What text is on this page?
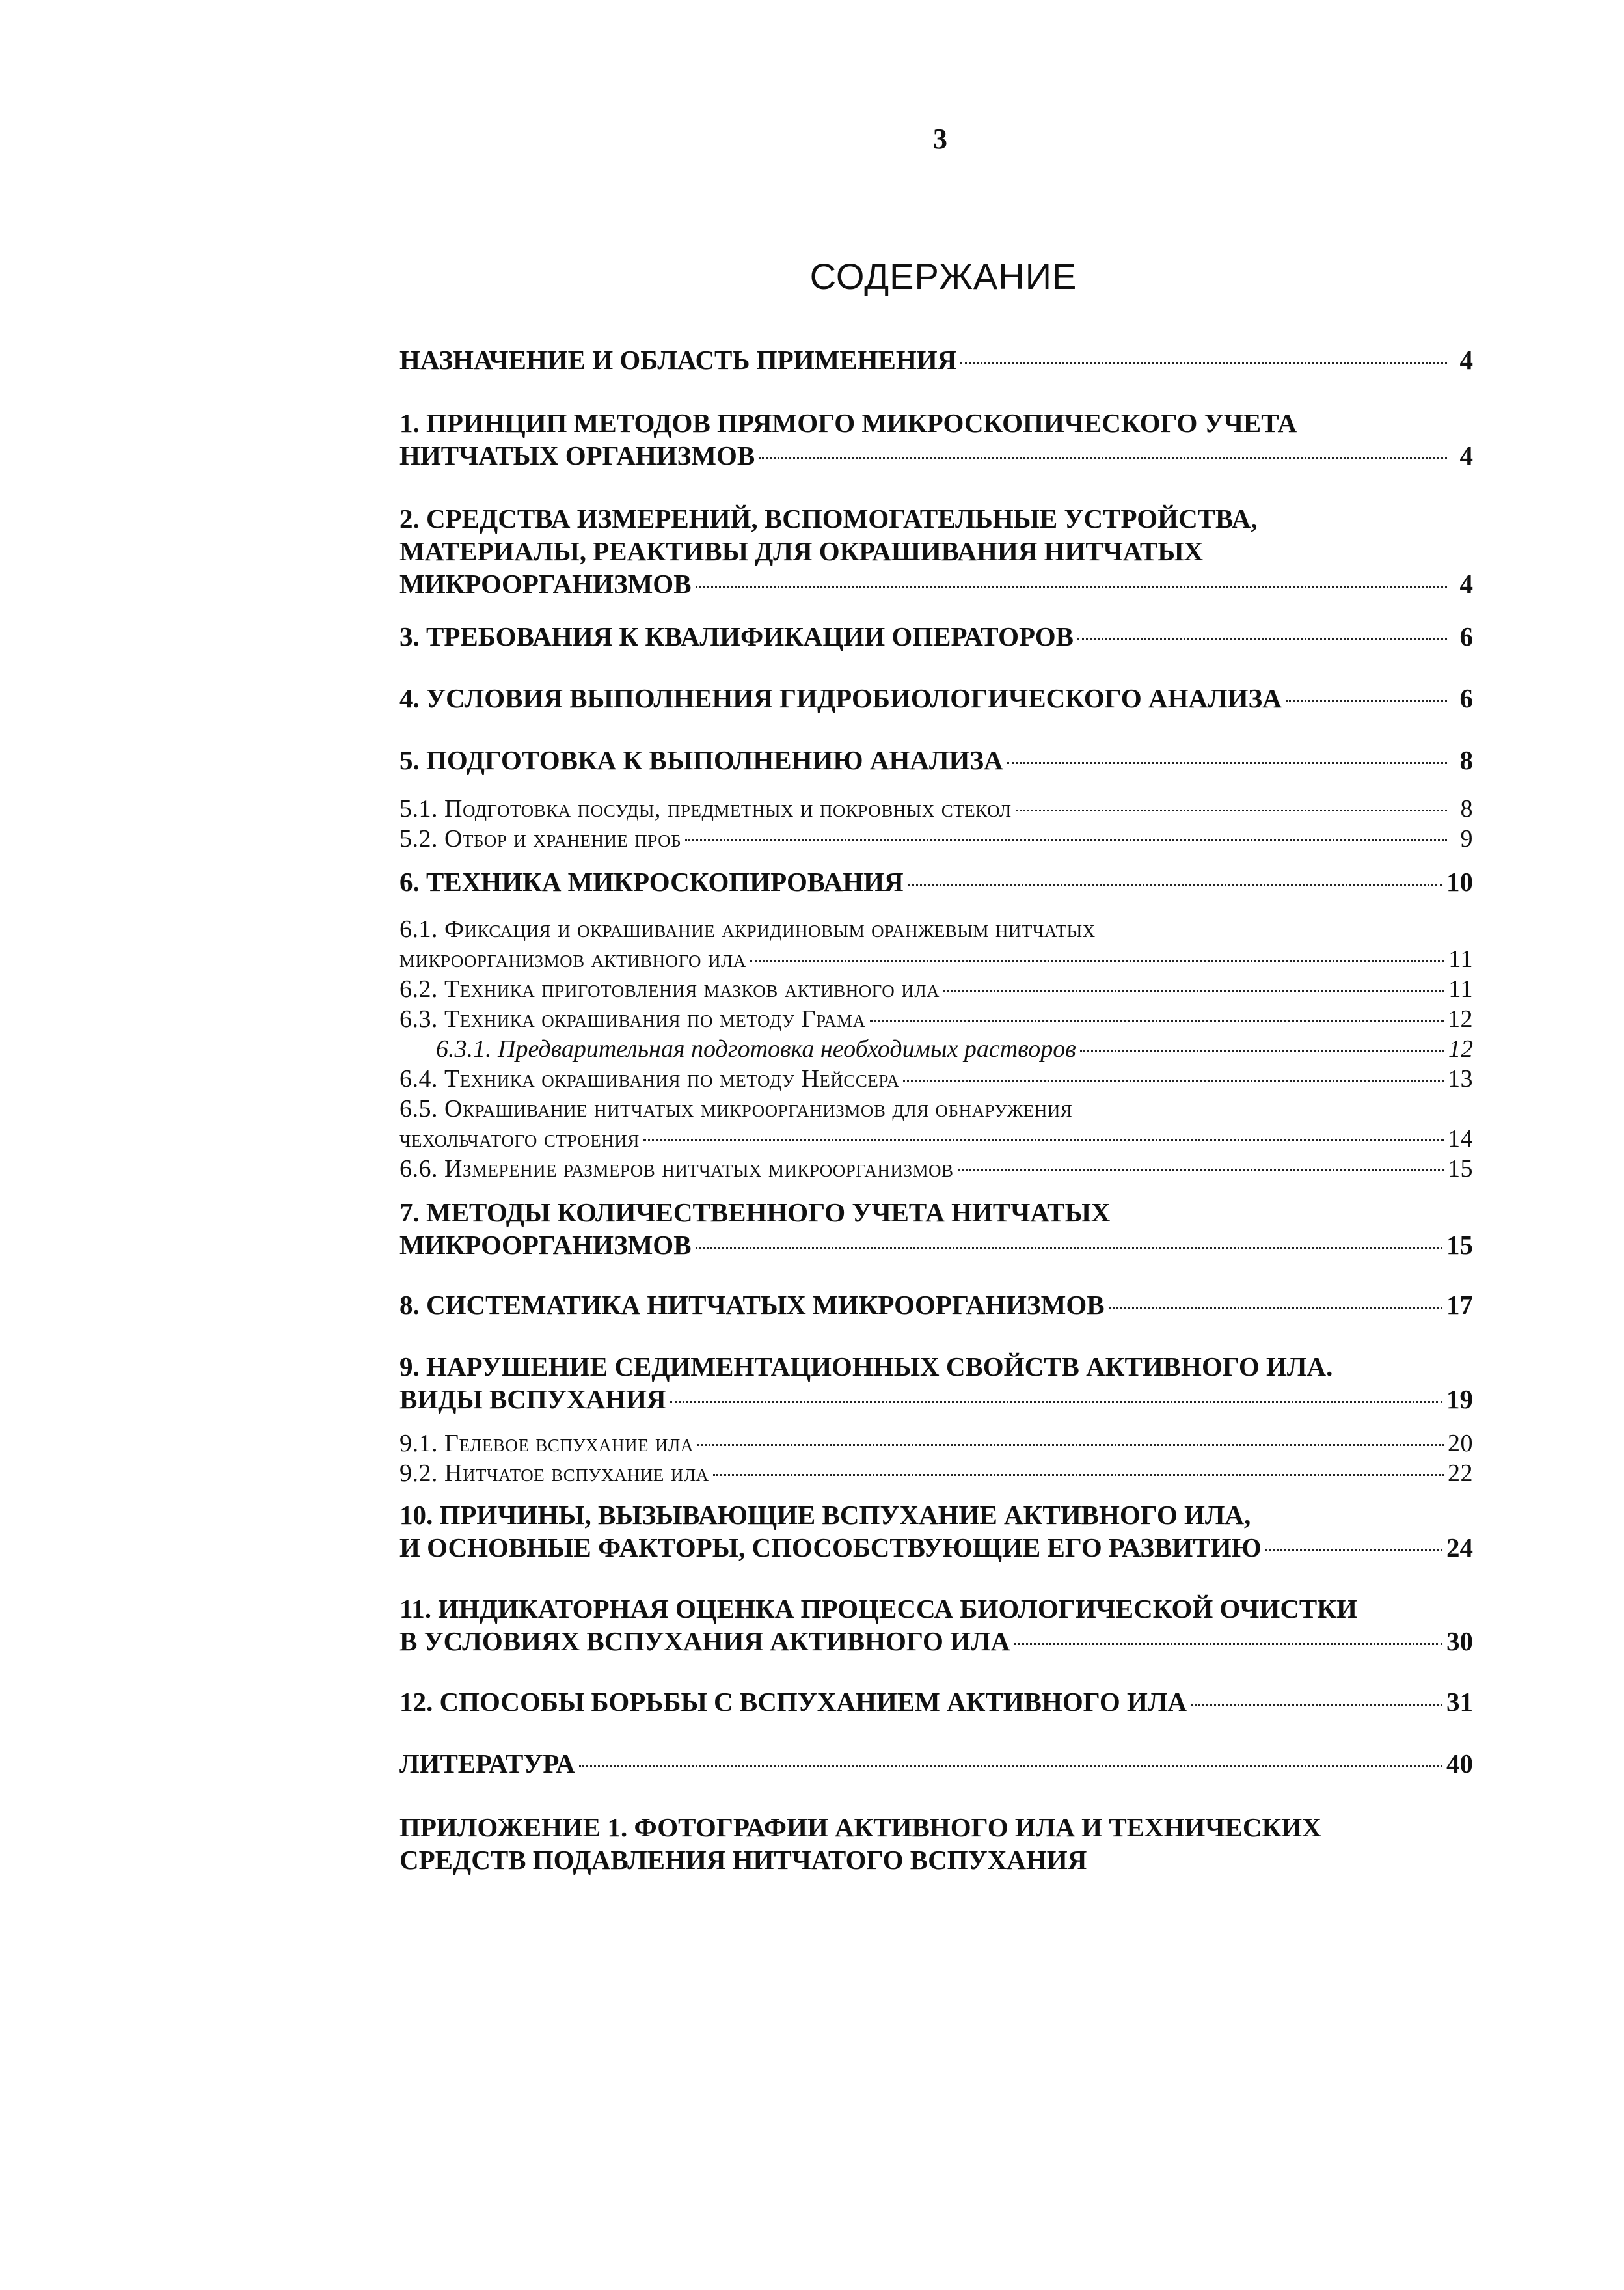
3
СОДЕРЖАНИЕ
НАЗНАЧЕНИЕ И ОБЛАСТЬ ПРИМЕНЕНИЯ	4
1. ПРИНЦИП МЕТОДОВ ПРЯМОГО МИКРОСКОПИЧЕСКОГО УЧЕТА
НИТЧАТЫХ ОРГАНИЗМОВ	4
2. СРЕДСТВА ИЗМЕРЕНИЙ, ВСПОМОГАТЕЛЬНЫЕ УСТРОЙСТВА,
МАТЕРИАЛЫ, РЕАКТИВЫ ДЛЯ ОКРАШИВАНИЯ НИТЧАТЫХ
МИКРООРГАНИЗМОВ	4
3. ТРЕБОВАНИЯ К КВАЛИФИКАЦИИ ОПЕРАТОРОВ	6
4. УСЛОВИЯ ВЫПОЛНЕНИЯ ГИДРОБИОЛОГИЧЕСКОГО АНАЛИЗА	6
5. ПОДГОТОВКА К ВЫПОЛНЕНИЮ АНАЛИЗА	8
5.1. Подготовка посуды, предметных и покровных стекол	8
5.2. Отбор и хранение проб	9
6. ТЕХНИКА МИКРОСКОПИРОВАНИЯ	10
6.1. Фиксация и окрашивание акридиновым оранжевым нитчатых
микроорганизмов активного ила	11
6.2. Техника приготовления мазков активного ила	11
6.3. Техника окрашивания по методу Грама	12
6.3.1. Предварительная подготовка необходимых растворов	12
6.4. Техника окрашивания по методу Нейссера	13
6.5. Окрашивание нитчатых микроорганизмов для обнаружения
чехольчатого строения	14
6.6. Измерение размеров нитчатых микроорганизмов	15
7. МЕТОДЫ КОЛИЧЕСТВЕННОГО УЧЕТА НИТЧАТЫХ
МИКРООРГАНИЗМОВ	15
8. СИСТЕМАТИКА НИТЧАТЫХ МИКРООРГАНИЗМОВ	17
9. НАРУШЕНИЕ СЕДИМЕНТАЦИОННЫХ СВОЙСТВ АКТИВНОГО ИЛА.
ВИДЫ ВСПУХАНИЯ	19
9.1. Гелевое вспухание ила	20
9.2. Нитчатое вспухание ила	22
10. ПРИЧИНЫ, ВЫЗЫВАЮЩИЕ ВСПУХАНИЕ АКТИВНОГО ИЛА,
И ОСНОВНЫЕ ФАКТОРЫ, СПОСОБСТВУЮЩИЕ ЕГО РАЗВИТИЮ	24
11. ИНДИКАТОРНАЯ ОЦЕНКА ПРОЦЕССА БИОЛОГИЧЕСКОЙ ОЧИСТКИ
В УСЛОВИЯХ ВСПУХАНИЯ АКТИВНОГО ИЛА	30
12. СПОСОБЫ БОРЬБЫ С ВСПУХАНИЕМ АКТИВНОГО ИЛА	31
ЛИТЕРАТУРА	40
ПРИЛОЖЕНИЕ 1. ФОТОГРАФИИ АКТИВНОГО ИЛА И ТЕХНИЧЕСКИХ
СРЕДСТВ ПОДАВЛЕНИЯ НИТЧАТОГО ВСПУХАНИЯ
